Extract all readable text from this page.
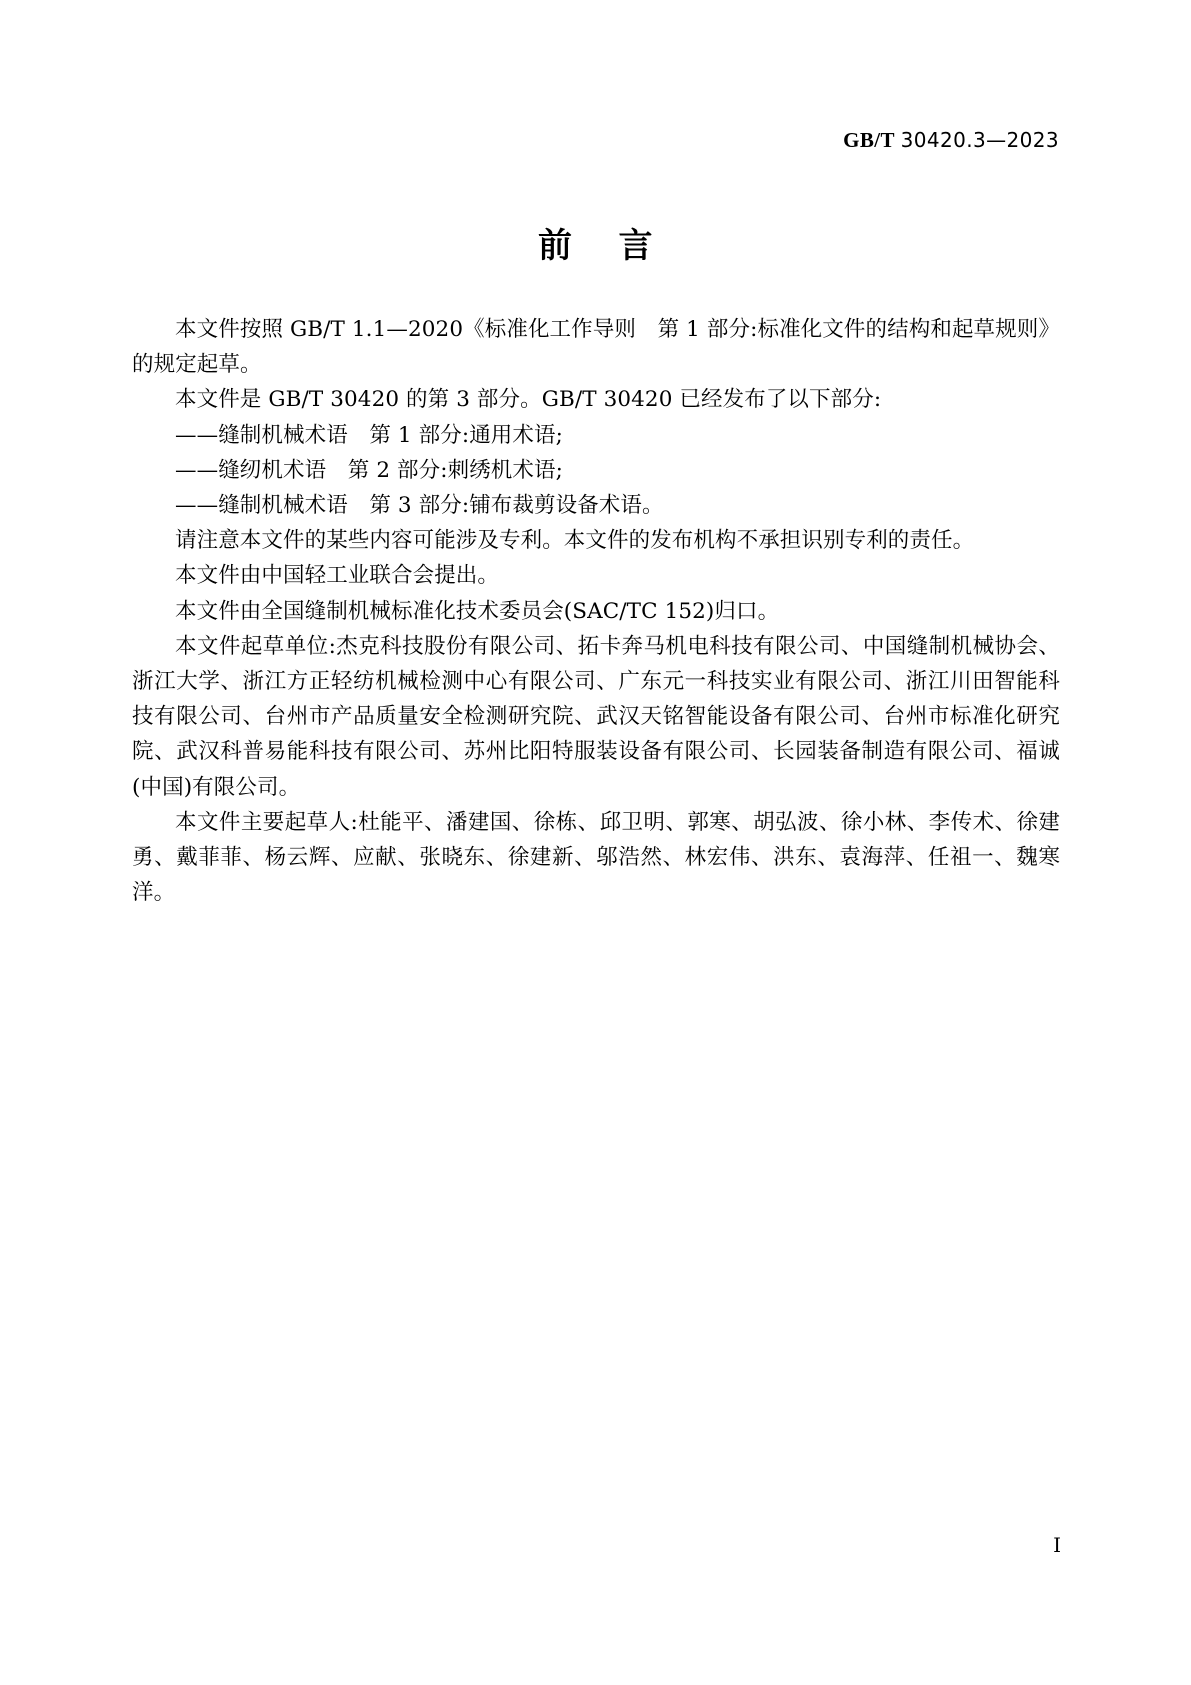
GB/T 30420.3—2023
前 言

本文件按照 GB/T 1.1—2020《标准化工作导则　第 1 部分:标准化文件的结构和起草规则》的规定起草。

本文件是 GB/T 30420 的第 3 部分。GB/T 30420 已经发布了以下部分:

——缝制机械术语　第 1 部分:通用术语;

——缝纫机术语　第 2 部分:刺绣机术语;

——缝制机械术语　第 3 部分:铺布裁剪设备术语。

请注意本文件的某些内容可能涉及专利。本文件的发布机构不承担识别专利的责任。

本文件由中国轻工业联合会提出。

本文件由全国缝制机械标准化技术委员会(SAC/TC 152)归口。

本文件起草单位:杰克科技股份有限公司、拓卡奔马机电科技有限公司、中国缝制机械协会、浙江大学、浙江方正轻纺机械检测中心有限公司、广东元一科技实业有限公司、浙江川田智能科技有限公司、台州市产品质量安全检测研究院、武汉天铭智能设备有限公司、台州市标准化研究院、武汉科普易能科技有限公司、苏州比阳特服装设备有限公司、长园装备制造有限公司、福诚(中国)有限公司。

本文件主要起草人:杜能平、潘建国、徐栋、邱卫明、郭寒、胡弘波、徐小林、李传术、徐建勇、戴菲菲、杨云辉、应献、张晓东、徐建新、邬浩然、林宏伟、洪东、袁海萍、任祖一、魏寒洋。

I
